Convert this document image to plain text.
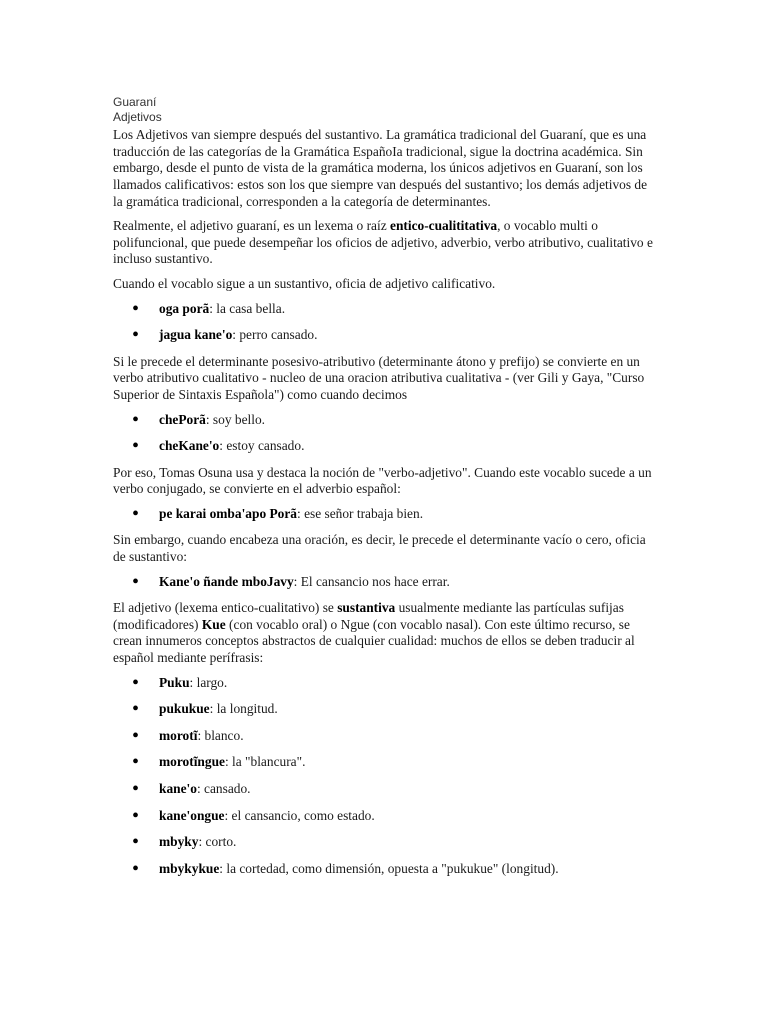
Guaraní
Adjetivos

Los Adjetivos van siempre después del sustantivo. La gramática tradicional del Guaraní, que es una traducción de las categorías de la Gramática EspañoIa tradicional, sigue la doctrina académica. Sin embargo, desde el punto de vista de la gramática moderna, los únicos adjetivos en Guaraní, son los llamados calificativos: estos son los que siempre van después del sustantivo; los demás adjetivos de la gramática tradicional, corresponden a la categoría de determinantes.

Realmente, el adjetivo guaraní, es un lexema o raíz entico-cualititativa, o vocablo multi o polifuncional, que puede desempeñar los oficios de adjetivo, adverbio, verbo atributivo, cualitativo e incluso sustantivo.

Cuando el vocablo sigue a un sustantivo, oficia de adjetivo calificativo.

• oga porã: la casa bella.
• jagua kane'o: perro cansado.

Si le precede el determinante posesivo-atributivo (determinante átono y prefijo) se convierte en un verbo atributivo cualitativo - nucleo de una oracion atributiva cualitativa - (ver Gili y Gaya, "Curso Superior de Sintaxis Española") como cuando decimos

• chePorã: soy bello.
• cheKane'o: estoy cansado.

Por eso, Tomas Osuna usa y destaca la noción de "verbo-adjetivo". Cuando este vocablo sucede a un verbo conjugado, se convierte en el adverbio español:

• pe karai omba'apo Porã: ese señor trabaja bien.

Sin embargo, cuando encabeza una oración, es decir, le precede el determinante vacío o cero, oficia de sustantivo:

• Kane'o ñande mboJavy: El cansancio nos hace errar.

El adjetivo (lexema entico-cualitativo) se sustantiva usualmente mediante las partículas sufijas (modificadores) Kue (con vocablo oral) o Ngue (con vocablo nasal). Con este último recurso, se crean innumeros conceptos abstractos de cualquier cualidad: muchos de ellos se deben traducir al español mediante perífrasis:

• Puku: largo.
• pukukue: la longitud.
• morotĩ: blanco.
• morotĩngue: la "blancura".
• kane'o: cansado.
• kane'ongue: el cansancio, como estado.
• mbyky: corto.
• mbykykue: la cortedad, como dimensión, opuesta a "pukukue" (longitud).
